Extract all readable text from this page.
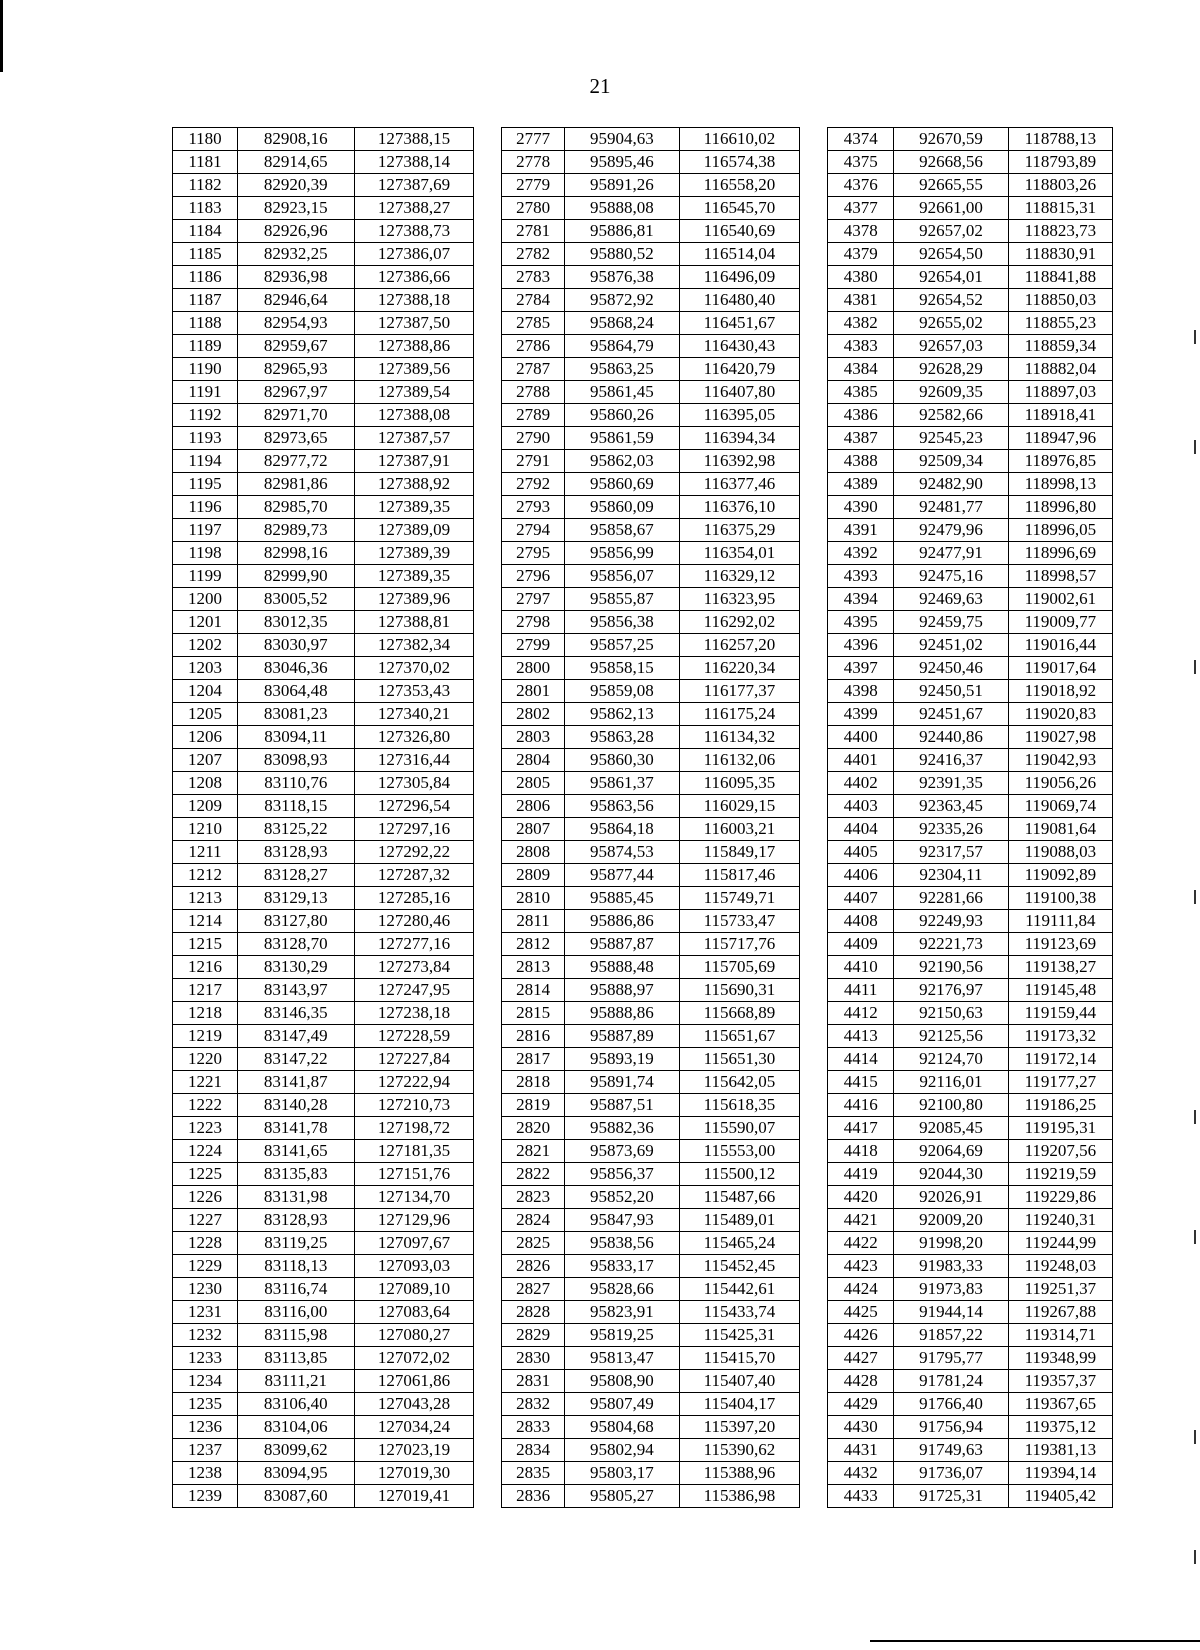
21
1180	82908,16	127388,15		2777	95904,63	116610,02		4374	92670,59	118788,13
1181	82914,65	127388,14		2778	95895,46	116574,38		4375	92668,56	118793,89
1182	82920,39	127387,69		2779	95891,26	116558,20		4376	92665,55	118803,26
1183	82923,15	127388,27		2780	95888,08	116545,70		4377	92661,00	118815,31
1184	82926,96	127388,73		2781	95886,81	116540,69		4378	92657,02	118823,73
1185	82932,25	127386,07		2782	95880,52	116514,04		4379	92654,50	118830,91
1186	82936,98	127386,66		2783	95876,38	116496,09		4380	92654,01	118841,88
1187	82946,64	127388,18		2784	95872,92	116480,40		4381	92654,52	118850,03
1188	82954,93	127387,50		2785	95868,24	116451,67		4382	92655,02	118855,23
1189	82959,67	127388,86		2786	95864,79	116430,43		4383	92657,03	118859,34
1190	82965,93	127389,56		2787	95863,25	116420,79		4384	92628,29	118882,04
1191	82967,97	127389,54		2788	95861,45	116407,80		4385	92609,35	118897,03
1192	82971,70	127388,08		2789	95860,26	116395,05		4386	92582,66	118918,41
1193	82973,65	127387,57		2790	95861,59	116394,34		4387	92545,23	118947,96
1194	82977,72	127387,91		2791	95862,03	116392,98		4388	92509,34	118976,85
1195	82981,86	127388,92		2792	95860,69	116377,46		4389	92482,90	118998,13
1196	82985,70	127389,35		2793	95860,09	116376,10		4390	92481,77	118996,80
1197	82989,73	127389,09		2794	95858,67	116375,29		4391	92479,96	118996,05
1198	82998,16	127389,39		2795	95856,99	116354,01		4392	92477,91	118996,69
1199	82999,90	127389,35		2796	95856,07	116329,12		4393	92475,16	118998,57
1200	83005,52	127389,96		2797	95855,87	116323,95		4394	92469,63	119002,61
1201	83012,35	127388,81		2798	95856,38	116292,02		4395	92459,75	119009,77
1202	83030,97	127382,34		2799	95857,25	116257,20		4396	92451,02	119016,44
1203	83046,36	127370,02		2800	95858,15	116220,34		4397	92450,46	119017,64
1204	83064,48	127353,43		2801	95859,08	116177,37		4398	92450,51	119018,92
1205	83081,23	127340,21		2802	95862,13	116175,24		4399	92451,67	119020,83
1206	83094,11	127326,80		2803	95863,28	116134,32		4400	92440,86	119027,98
1207	83098,93	127316,44		2804	95860,30	116132,06		4401	92416,37	119042,93
1208	83110,76	127305,84		2805	95861,37	116095,35		4402	92391,35	119056,26
1209	83118,15	127296,54		2806	95863,56	116029,15		4403	92363,45	119069,74
1210	83125,22	127297,16		2807	95864,18	116003,21		4404	92335,26	119081,64
1211	83128,93	127292,22		2808	95874,53	115849,17		4405	92317,57	119088,03
1212	83128,27	127287,32		2809	95877,44	115817,46		4406	92304,11	119092,89
1213	83129,13	127285,16		2810	95885,45	115749,71		4407	92281,66	119100,38
1214	83127,80	127280,46		2811	95886,86	115733,47		4408	92249,93	119111,84
1215	83128,70	127277,16		2812	95887,87	115717,76		4409	92221,73	119123,69
1216	83130,29	127273,84		2813	95888,48	115705,69		4410	92190,56	119138,27
1217	83143,97	127247,95		2814	95888,97	115690,31		4411	92176,97	119145,48
1218	83146,35	127238,18		2815	95888,86	115668,89		4412	92150,63	119159,44
1219	83147,49	127228,59		2816	95887,89	115651,67		4413	92125,56	119173,32
1220	83147,22	127227,84		2817	95893,19	115651,30		4414	92124,70	119172,14
1221	83141,87	127222,94		2818	95891,74	115642,05		4415	92116,01	119177,27
1222	83140,28	127210,73		2819	95887,51	115618,35		4416	92100,80	119186,25
1223	83141,78	127198,72		2820	95882,36	115590,07		4417	92085,45	119195,31
1224	83141,65	127181,35		2821	95873,69	115553,00		4418	92064,69	119207,56
1225	83135,83	127151,76		2822	95856,37	115500,12		4419	92044,30	119219,59
1226	83131,98	127134,70		2823	95852,20	115487,66		4420	92026,91	119229,86
1227	83128,93	127129,96		2824	95847,93	115489,01		4421	92009,20	119240,31
1228	83119,25	127097,67		2825	95838,56	115465,24		4422	91998,20	119244,99
1229	83118,13	127093,03		2826	95833,17	115452,45		4423	91983,33	119248,03
1230	83116,74	127089,10		2827	95828,66	115442,61		4424	91973,83	119251,37
1231	83116,00	127083,64		2828	95823,91	115433,74		4425	91944,14	119267,88
1232	83115,98	127080,27		2829	95819,25	115425,31		4426	91857,22	119314,71
1233	83113,85	127072,02		2830	95813,47	115415,70		4427	91795,77	119348,99
1234	83111,21	127061,86		2831	95808,90	115407,40		4428	91781,24	119357,37
1235	83106,40	127043,28		2832	95807,49	115404,17		4429	91766,40	119367,65
1236	83104,06	127034,24		2833	95804,68	115397,20		4430	91756,94	119375,12
1237	83099,62	127023,19		2834	95802,94	115390,62		4431	91749,63	119381,13
1238	83094,95	127019,30		2835	95803,17	115388,96		4432	91736,07	119394,14
1239	83087,60	127019,41		2836	95805,27	115386,98		4433	91725,31	119405,42
